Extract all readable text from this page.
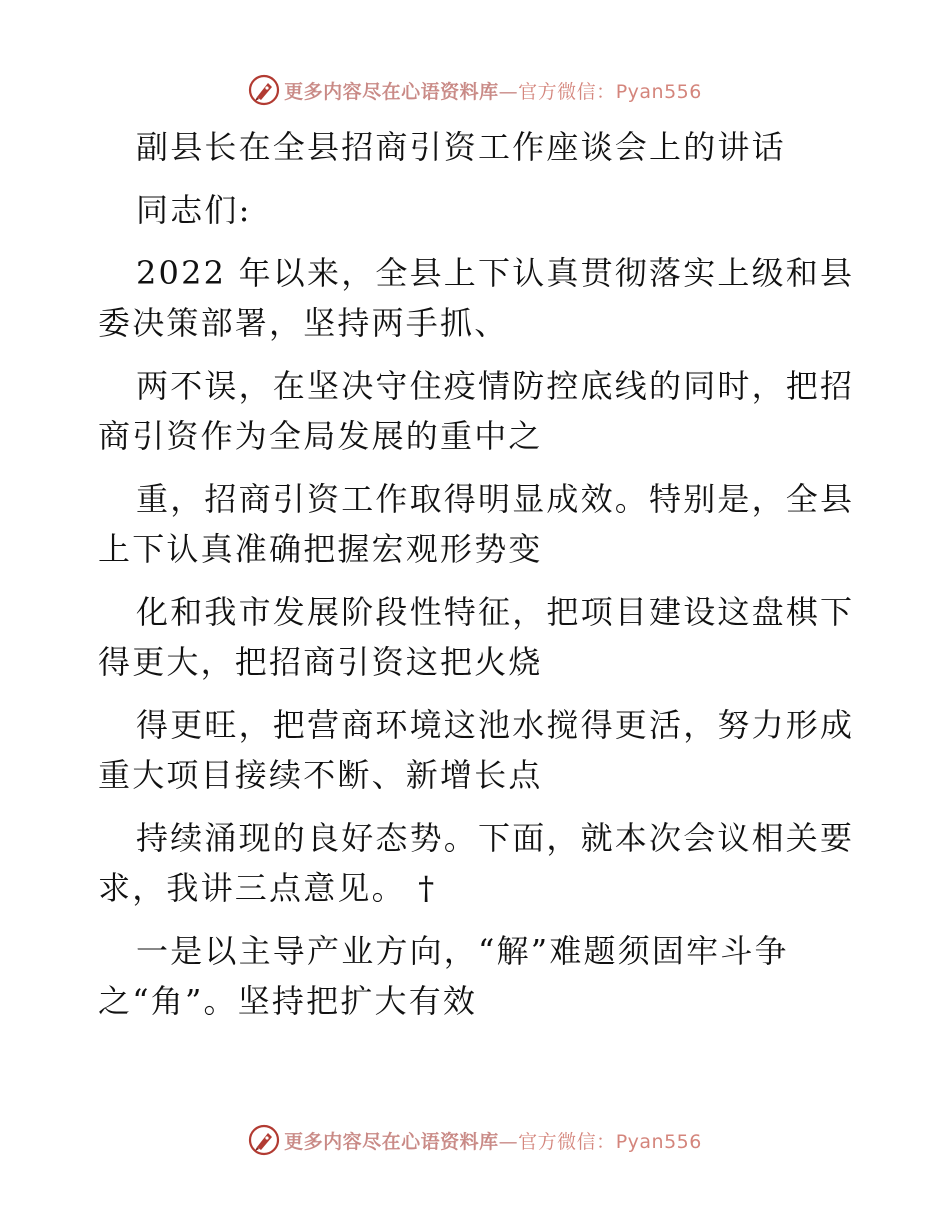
更多内容尽在心语资料库—官方微信：Pyan556
副县长在全县招商引资工作座谈会上的讲话
同志们:
2022 年以来，全县上下认真贯彻落实上级和县
委决策部署，坚持两手抓、
两不误，在坚决守住疫情防控底线的同时，把招
商引资作为全局发展的重中之
重，招商引资工作取得明显成效。特别是，全县
上下认真准确把握宏观形势变
化和我市发展阶段性特征，把项目建设这盘棋下
得更大，把招商引资这把火烧
得更旺，把营商环境这池水搅得更活，努力形成
重大项目接续不断、新增长点
持续涌现的良好态势。下面，就本次会议相关要
求，我讲三点意见。 †
一是以主导产业方向，“解”难题须固牢斗争
之“角”。坚持把扩大有效
更多内容尽在心语资料库—官方微信：Pyan556
